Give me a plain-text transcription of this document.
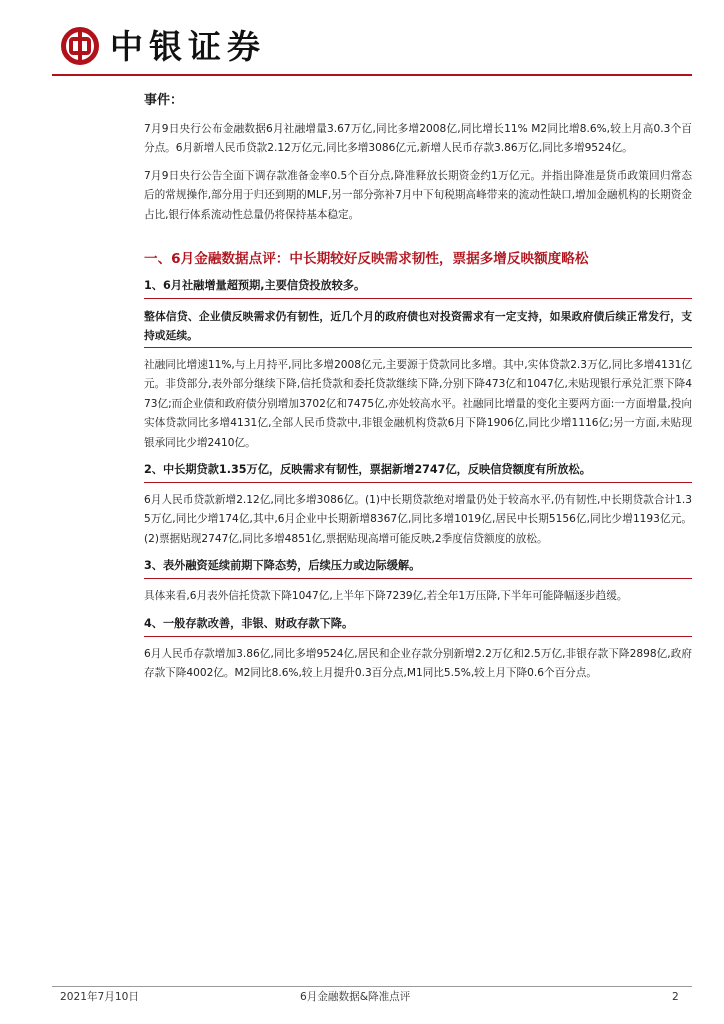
中银证券
事件：

7月9日央行公布金融数据6月社融增量3.67万亿,同比多增2008亿,同比增长11% M2同比增8.6%,较上月高0.3个百分点。6月新增人民币贷款2.12万亿元,同比多增3086亿元,新增人民币存款3.86万亿,同比多增9524亿。

7月9日央行公告全面下调存款准备金率0.5个百分点,降准释放长期资金约1万亿元。并指出降准是货币政策回归常态后的常规操作,部分用于归还到期的MLF,另一部分弥补7月中下旬税期高峰带来的流动性缺口,增加金融机构的长期资金占比,银行体系流动性总量仍将保持基本稳定。

一、6月金融数据点评：中长期较好反映需求韧性，票据多增反映额度略松
1、6月社融增量超预期,主要信贷投放较多。
整体信贷、企业债反映需求仍有韧性，近几个月的政府债也对投资需求有一定支持，如果政府债后续正常发行，支持或延续。

社融同比增速11%,与上月持平,同比多增2008亿元,主要源于贷款同比多增。其中,实体贷款2.3万亿,同比多增4131亿元。非贷部分,表外部分继续下降,信托贷款和委托贷款继续下降,分别下降473亿和1047亿,未贴现银行承兑汇票下降473亿;而企业债和政府债分别增加3702亿和7475亿,亦处较高水平。社融同比增量的变化主要两方面:一方面增量,投向实体贷款同比多增4131亿,全部人民币贷款中,非银金融机构贷款6月下降1906亿,同比少增1116亿;另一方面,未贴现银承同比少增2410亿。

2、中长期贷款1.35万亿，反映需求有韧性，票据新增2747亿，反映信贷额度有所放松。

6月人民币贷款新增2.12亿,同比多增3086亿。(1)中长期贷款绝对增量仍处于较高水平,仍有韧性,中长期贷款合计1.35万亿,同比少增174亿,其中,6月企业中长期新增8367亿,同比多增1019亿,居民中长期5156亿,同比少增1193亿元。(2)票据贴现2747亿,同比多增4851亿,票据贴现高增可能反映,2季度信贷额度的放松。

3、表外融资延续前期下降态势，后续压力或边际缓解。

具体来看,6月表外信托贷款下降1047亿,上半年下降7239亿,若全年1万压降,下半年可能降幅逐步趋缓。

4、一般存款改善，非银、财政存款下降。

6月人民币存款增加3.86亿,同比多增9524亿,居民和企业存款分别新增2.2万亿和2.5万亿,非银存款下降2898亿,政府存款下降4002亿。M2同比8.6%,较上月提升0.3百分点,M1同比5.5%,较上月下降0.6个百分点。

2021年7月10日	6月金融数据&降准点评	2
